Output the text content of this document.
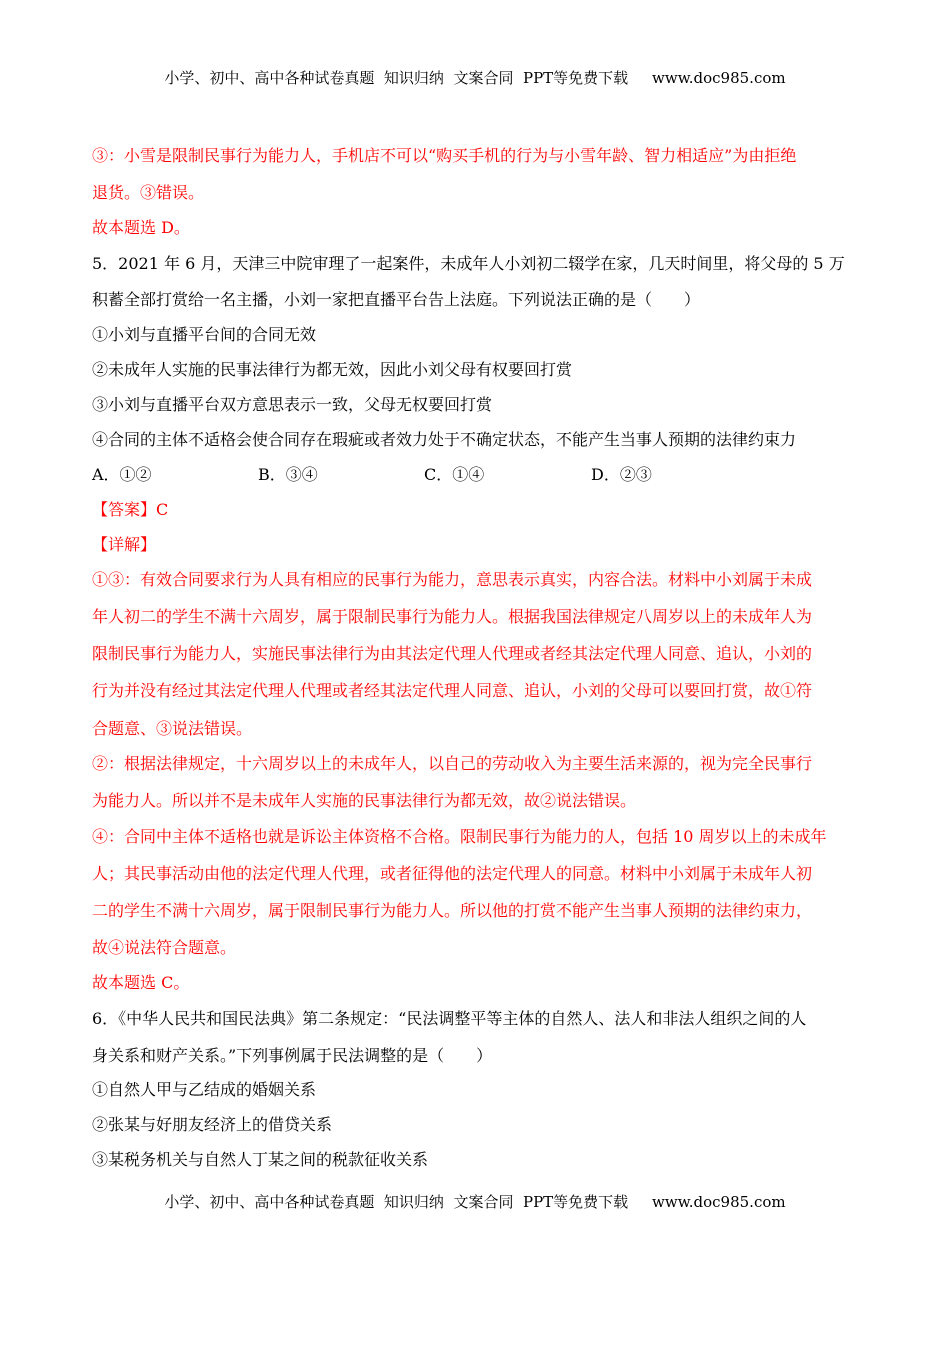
小学、初中、高中各种试卷真题  知识归纳  文案合同  PPT等免费下载     www.doc985.com
③：小雪是限制民事行为能力人，手机店不可以“购买手机的行为与小雪年龄、智力相适应”为由拒绝
退货。③错误。
故本题选 D。
5．2021 年 6 月，天津三中院审理了一起案件，未成年人小刘初二辍学在家，几天时间里，将父母的 5 万
积蓄全部打赏给一名主播，小刘一家把直播平台告上法庭。下列说法正确的是（　　）
①小刘与直播平台间的合同无效
②未成年人实施的民事法律行为都无效，因此小刘父母有权要回打赏
③小刘与直播平台双方意思表示一致，父母无权要回打赏
④合同的主体不适格会使合同存在瑕疵或者效力处于不确定状态，不能产生当事人预期的法律约束力
A．①②	B．③④	C．①④	D．②③
【答案】C
【详解】
①③：有效合同要求行为人具有相应的民事行为能力，意思表示真实，内容合法。材料中小刘属于未成
年人初二的学生不满十六周岁，属于限制民事行为能力人。根据我国法律规定八周岁以上的未成年人为
限制民事行为能力人，实施民事法律行为由其法定代理人代理或者经其法定代理人同意、追认，小刘的
行为并没有经过其法定代理人代理或者经其法定代理人同意、追认，小刘的父母可以要回打赏，故①符
合题意、③说法错误。
②：根据法律规定，十六周岁以上的未成年人，以自己的劳动收入为主要生活来源的，视为完全民事行
为能力人。所以并不是未成年人实施的民事法律行为都无效，故②说法错误。
④：合同中主体不适格也就是诉讼主体资格不合格。限制民事行为能力的人，包括 10 周岁以上的未成年
人；其民事活动由他的法定代理人代理，或者征得他的法定代理人的同意。材料中小刘属于未成年人初
二的学生不满十六周岁，属于限制民事行为能力人。所以他的打赏不能产生当事人预期的法律约束力，
故④说法符合题意。
故本题选 C。
6．《中华人民共和国民法典》第二条规定：“民法调整平等主体的自然人、法人和非法人组织之间的人
身关系和财产关系。”下列事例属于民法调整的是（　　）
①自然人甲与乙结成的婚姻关系
②张某与好朋友经济上的借贷关系
③某税务机关与自然人丁某之间的税款征收关系
小学、初中、高中各种试卷真题  知识归纳  文案合同  PPT等免费下载     www.doc985.com
